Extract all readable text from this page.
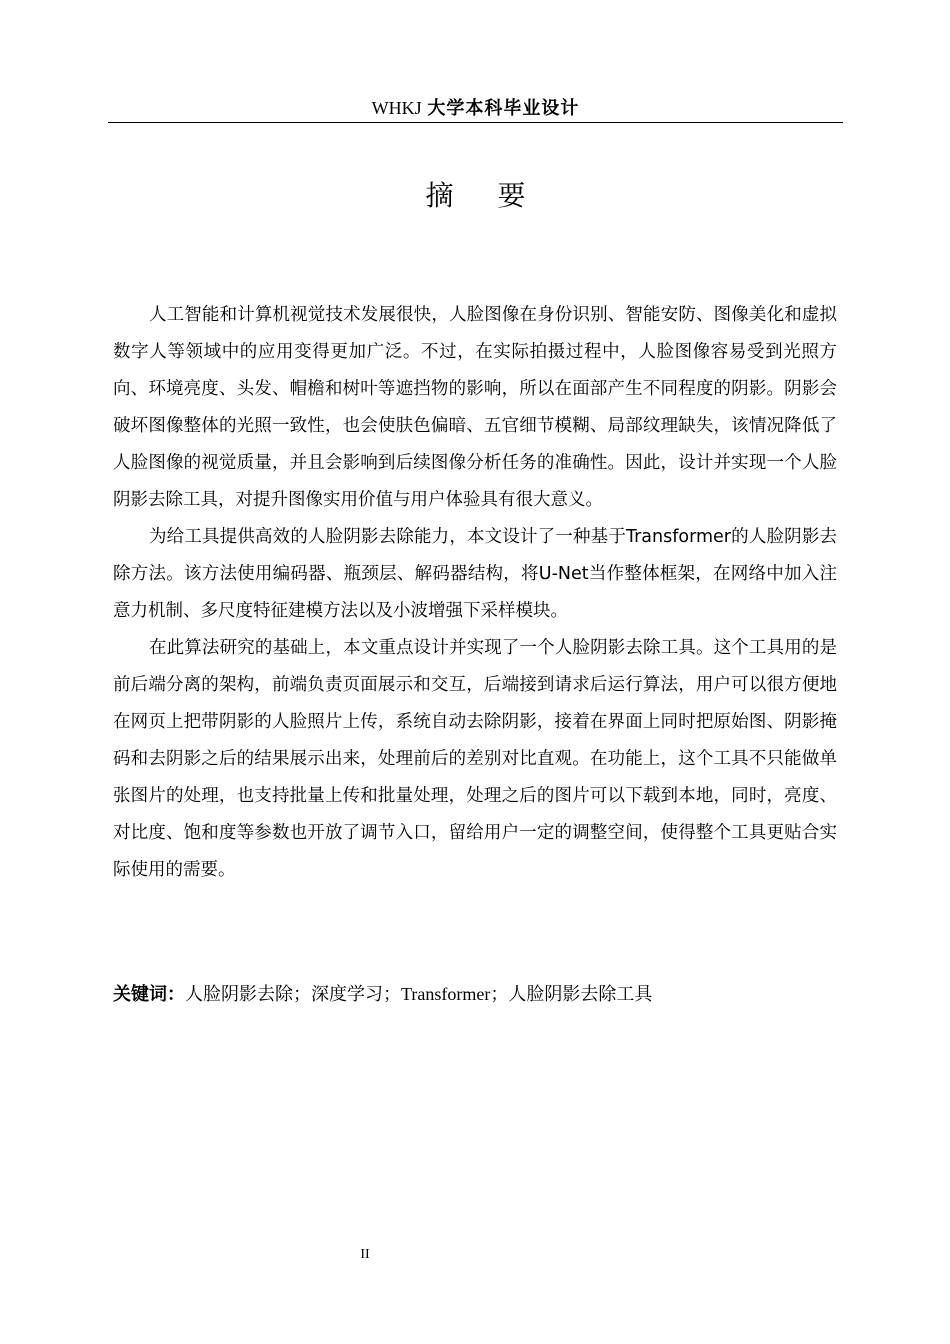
WHKJ 大学本科毕业设计
摘要

人工智能和计算机视觉技术发展很快，人脸图像在身份识别、智能安防、图像美化和虚拟数字人等领域中的应用变得更加广泛。不过，在实际拍摄过程中，人脸图像容易受到光照方向、环境亮度、头发、帽檐和树叶等遮挡物的影响，所以在面部产生不同程度的阴影。阴影会破坏图像整体的光照一致性，也会使肤色偏暗、五官细节模糊、局部纹理缺失，该情况降低了人脸图像的视觉质量，并且会影响到后续图像分析任务的准确性。因此，设计并实现一个人脸阴影去除工具，对提升图像实用价值与用户体验具有很大意义。

为给工具提供高效的人脸阴影去除能力，本文设计了一种基于Transformer的人脸阴影去除方法。该方法使用编码器、瓶颈层、解码器结构，将U-Net当作整体框架，在网络中加入注意力机制、多尺度特征建模方法以及小波增强下采样模块。

在此算法研究的基础上，本文重点设计并实现了一个人脸阴影去除工具。这个工具用的是前后端分离的架构，前端负责页面展示和交互，后端接到请求后运行算法，用户可以很方便地在网页上把带阴影的人脸照片上传，系统自动去除阴影，接着在界面上同时把原始图、阴影掩码和去阴影之后的结果展示出来，处理前后的差别对比直观。在功能上，这个工具不只能做单张图片的处理，也支持批量上传和批量处理，处理之后的图片可以下载到本地，同时，亮度、对比度、饱和度等参数也开放了调节入口，留给用户一定的调整空间，使得整个工具更贴合实际使用的需要。

关键词：人脸阴影去除；深度学习；Transformer；人脸阴影去除工具
II
